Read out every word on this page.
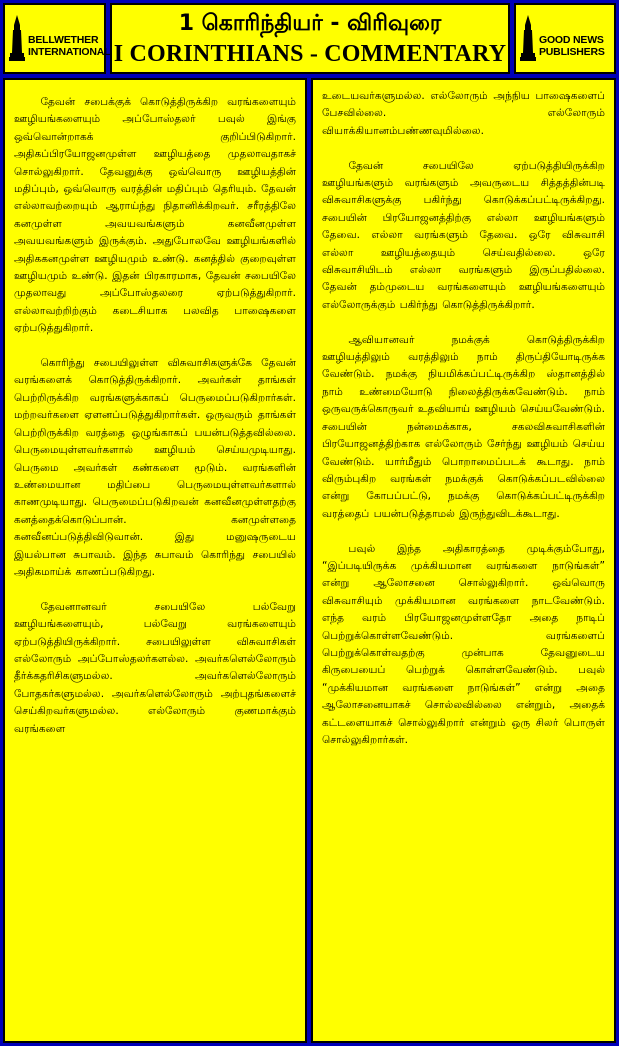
BELLWETHER
INTERNATIONAL
1 கொரிந்தியர் - விரிவுரை
I CORINTHIANS - COMMENTARY
GOOD NEWS
PUBLISHERS

தேவன் சபைக்குக் கொடுத்திருக்கிற வரங்களையும் ஊழியங்களையும் அப்போஸ்தலர் பவுல் இங்கு ஒவ்வொன்றாகக் குறிப்பிடுகிறார். அதிகப்பிரயோஜனமுள்ள ஊழியத்தை முதலாவதாகச் சொல்லுகிறார். தேவனுக்கு ஒவ்வொரு ஊழியத்தின் மதிப்பும், ஒவ்வொரு வரத்தின் மதிப்பும் தெரியும். தேவன் எல்லாவற்றையும் ஆராய்ந்து நிதானிக்கிறவர். சரீரத்திலே கனமுள்ள அவயவங்களும் கனவீனமுள்ள அவயவங்களும் இருக்கும். அதுபோலவே ஊழியங்களில் அதிககனமுள்ள ஊழியமும் உண்டு. கனத்தில் குறைவுள்ள ஊழியமும் உண்டு. இதன் பிரகாரமாக, தேவன் சபையிலே முதலாவது அப்போஸ்தலரை ஏற்படுத்துகிறார். எல்லாவற்றிற்கும் கடைசியாக பலவித பாஷைகளை ஏற்படுத்துகிறார்.

கொரிந்து சபையிலுள்ள விசுவாசிகளுக்கே தேவன் வரங்களைக் கொடுத்திருக்கிறார். அவர்கள் தாங்கள் பெற்றிருக்கிற வரங்களுக்காகப் பெருமைப்படுகிறார்கள். மற்றவர்களை ஏளனப்படுத்துகிறார்கள். ஒருவரும் தாங்கள் பெற்றிருக்கிற வரத்தை ஒழுங்காகப் பயன்படுத்தவில்லை. பெருமையுள்ளவர்களால் ஊழியம் செய்யமுடியாது. பெருமை அவர்கள் கண்களை மூடும். வரங்களின் உண்மையான மதிப்பை பெருமையுள்ளவர்களால் காணமுடியாது. பெருமைப்படுகிறவன் கனவீனமுள்ளதற்கு கனத்தைக்கொடுப்பான். கனமுள்ளதை கனவீனப்படுத்திவிடுவான். இது மனுஷருடைய இயல்பான சுபாவம். இந்த சுபாவம் கொரிந்து சபையில் அதிகமாய்க் காணப்படுகிறது.

தேவனானவர் சபையிலே பல்வேறு ஊழியங்களையும், பல்வேறு வரங்களையும் ஏற்படுத்தியிருக்கிறார். சபையிலுள்ள விசுவாசிகள் எல்லோரும் அப்போஸ்தலர்களல்ல. அவர்களெல்லோரும் தீர்க்கதரிசிகளுமல்ல. அவர்களெல்லோரும் போதகர்களுமல்ல. அவர்களெல்லோரும் அற்புதங்களைச் செய்கிறவர்களுமல்ல. எல்லோரும் குணமாக்கும் வரங்களை

உடையவர்களுமல்ல. எல்லோரும் அந்நிய பாஷைகளைப் பேசவில்லை. எல்லோரும் வியாக்கியானம்பண்ணவுமில்லை.

தேவன் சபையிலே ஏற்படுத்தியிருக்கிற ஊழியங்களும் வரங்களும் அவருடைய சித்தத்தின்படி விசுவாசிகளுக்கு பகிர்ந்து கொடுக்கப்பட்டிருக்கிறது. சபையின் பிரயோஜனத்திற்கு எல்லா ஊழியங்களும் தேவை. எல்லா வரங்களும் தேவை. ஒரே விசுவாசி எல்லா ஊழியத்தையும் செய்வதில்லை. ஒரே விசுவாசியிடம் எல்லா வரங்களும் இருப்பதில்லை. தேவன் தம்முடைய வரங்களையும் ஊழியங்களையும் எல்லோருக்கும் பகிர்ந்து கொடுத்திருக்கிறார்.

ஆவியானவர் நமக்குக் கொடுத்திருக்கிற ஊழியத்திலும் வரத்திலும் நாம் திருப்தியோடிருக்க வேண்டும். நமக்கு நியமிக்கப்பட்டிருக்கிற ஸ்தானத்தில் நாம் உண்மையோடு நிலைத்திருக்கவேண்டும். நாம் ஒருவருக்கொருவர் உதவியாய் ஊழியம் செய்யவேண்டும். சபையின் நன்மைக்காக, சகலவிசுவாசிகளின் பிரயோஜனத்திற்காக எல்லோரும் சேர்ந்து ஊழியம் செய்ய வேண்டும். யார்மீதும் பொறாமைப்படக் கூடாது. நாம் விரும்புகிற வரங்கள் நமக்குக் கொடுக்கப்படவில்லை என்று கோபப்பட்டு, நமக்கு கொடுக்கப்பட்டிருக்கிற வரத்தைப் பயன்படுத்தாமல் இருந்துவிடக்கூடாது.

பவுல் இந்த அதிகாரத்தை முடிக்கும்போது, “இப்படியிருக்க முக்கியமான வரங்களை நாடுங்கள்” என்று ஆலோசனை சொல்லுகிறார். ஒவ்வொரு விசுவாசியும் முக்கியமான வரங்களை நாடவேண்டும். எந்த வரம் பிரயோஜனமுள்ளதோ அதை நாடிப் பெற்றுக்கொள்ளவேண்டும். வரங்களைப் பெற்றுக்கொள்வதற்கு முன்பாக தேவனுடைய கிருபையைப் பெற்றுக் கொள்ளவேண்டும். பவுல் “முக்கியமான வரங்களை நாடுங்கள்” என்று அதை ஆலோசனையாகச் சொல்லவில்லை என்றும், அதைக் கட்டளையாகச் சொல்லுகிறார் என்றும் ஒரு சிலர் பொருள் சொல்லுகிறார்கள்.
